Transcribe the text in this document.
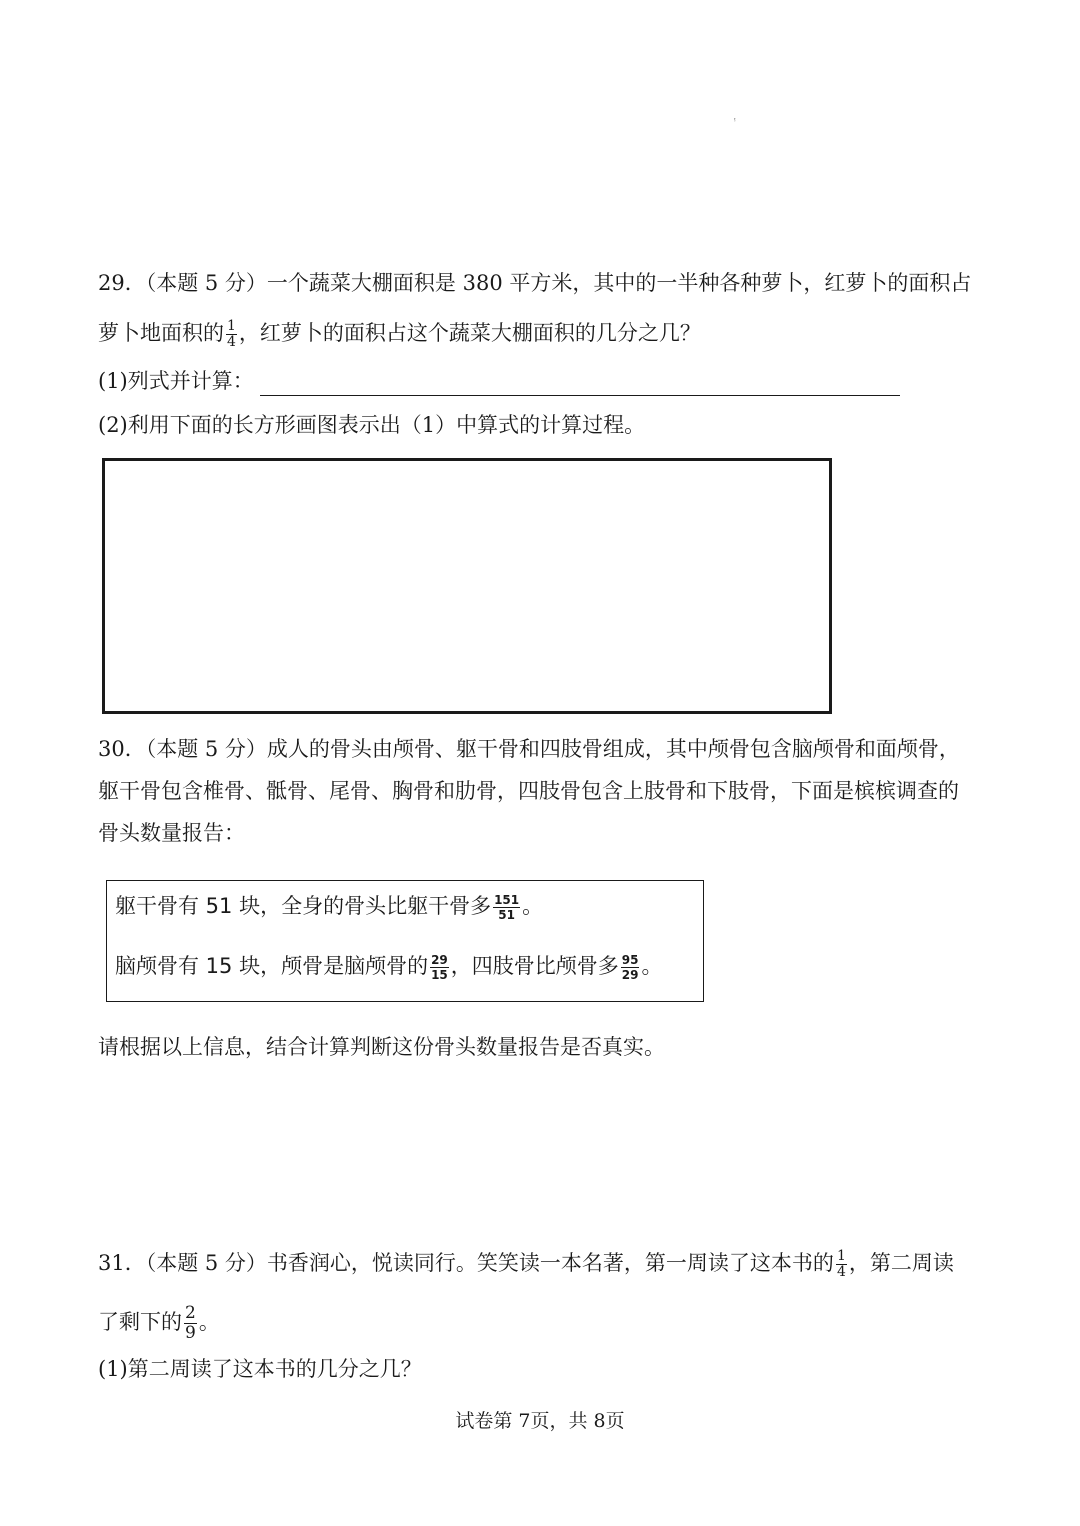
ᵎ
29．（本题 5 分）一个蔬菜大棚面积是 380 平方米，其中的一半种各种萝卜，红萝卜的面积占
萝卜地面积的 $\frac{1}{4}$ ，红萝卜的面积占这个蔬菜大棚面积的几分之几？
(1)列式并计算：
(2)利用下面的长方形画图表示出（1）中算式的计算过程。
30．（本题 5 分）成人的骨头由颅骨、躯干骨和四肢骨组成，其中颅骨包含脑颅骨和面颅骨，
躯干骨包含椎骨、骶骨、尾骨、胸骨和肋骨，四肢骨包含上肢骨和下肢骨，下面是槟槟调查的
骨头数量报告：
躯干骨有 51 块，全身的骨头比躯干骨多 $\frac{151}{51}$ 。
脑颅骨有 15 块，颅骨是脑颅骨的 $\frac{29}{15}$ ，四肢骨比颅骨多 $\frac{95}{29}$ 。
请根据以上信息，结合计算判断这份骨头数量报告是否真实。
31．（本题 5 分）书香润心，悦读同行。笑笑读一本名著，第一周读了这本书的 $\frac{1}{4}$ ，第二周读
了剩下的 $\frac{2}{9}$ 。
(1)第二周读了这本书的几分之几？
试卷第 7页，共 8页
